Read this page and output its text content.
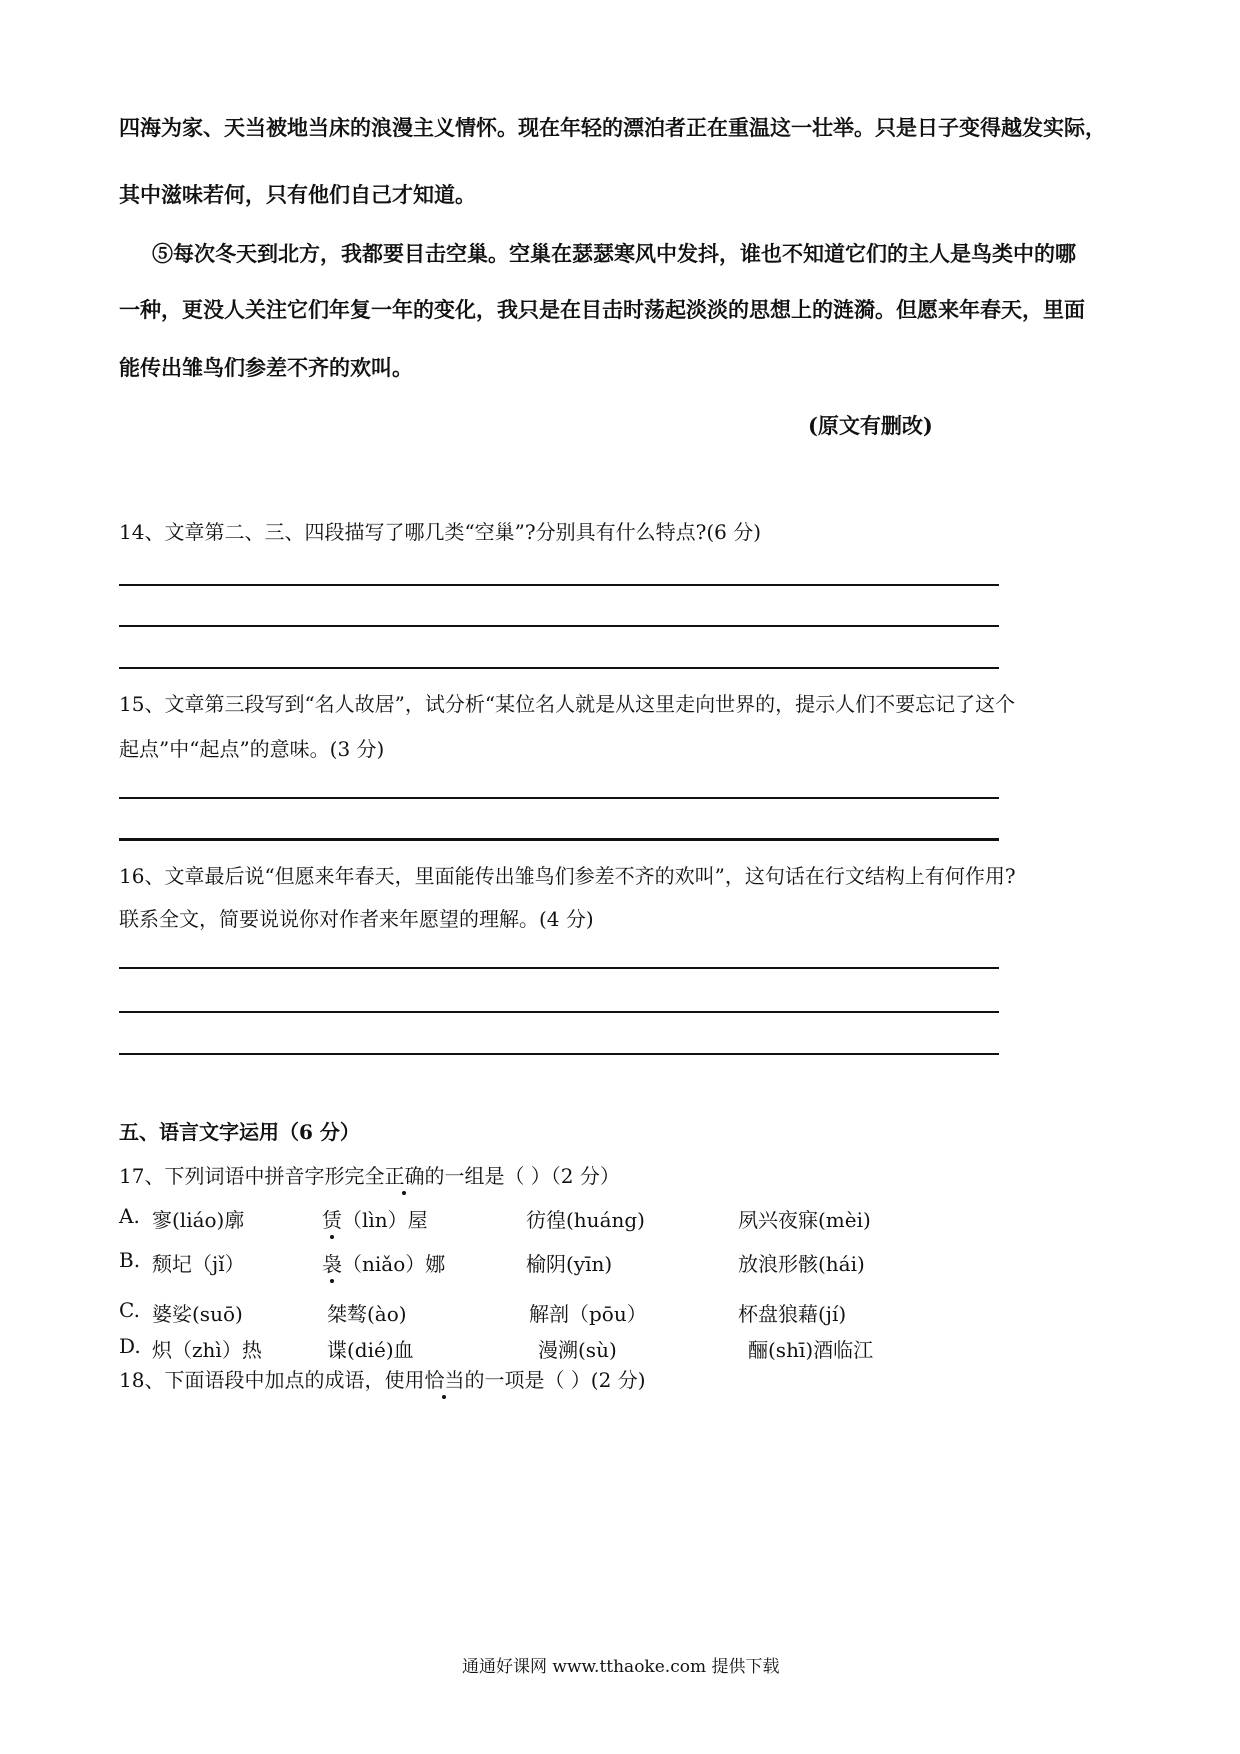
四海为家、天当被地当床的浪漫主义情怀。现在年轻的漂泊者正在重温这一壮举。只是日子变得越发实际，
其中滋味若何，只有他们自己才知道。
⑤每次冬天到北方，我都要目击空巢。空巢在瑟瑟寒风中发抖，谁也不知道它们的主人是鸟类中的哪
一种，更没人关注它们年复一年的变化，我只是在目击时荡起淡淡的思想上的涟漪。但愿来年春天，里面
能传出雏鸟们参差不齐的欢叫。
(原文有删改)
14、文章第二、三、四段描写了哪几类“空巢”?分别具有什么特点?(6 分)
15、文章第三段写到“名人故居”，试分析“某位名人就是从这里走向世界的，提示人们不要忘记了这个
起点”中“起点”的意味。(3 分)
16、文章最后说“但愿来年春天，里面能传出雏鸟们参差不齐的欢叫”，这句话在行文结构上有何作用?
联系全文，简要说说你对作者来年愿望的理解。(4 分)
五、语言文字运用（6 分）
17、下列词语中拼音字形完全正确的一组是（ ）（2 分）
A. 寥(liáo)廓	赁（lìn）屋	彷徨(huáng)	夙兴夜寐(mèi)
B. 颓圮（jǐ）	袅（niǎo）娜	榆阴(yīn)	放浪形骸(hái)
C. 婆娑(suō)	桀骜(ào)	解剖（pōu）	杯盘狼藉(jí)
D. 炽（zhì）热	谍(dié)血	漫溯(sù)	酾(shī)酒临江
18、下面语段中加点的成语，使用恰当的一项是（ ）(2 分)
通通好课网 www.tthaoke.com 提供下载
